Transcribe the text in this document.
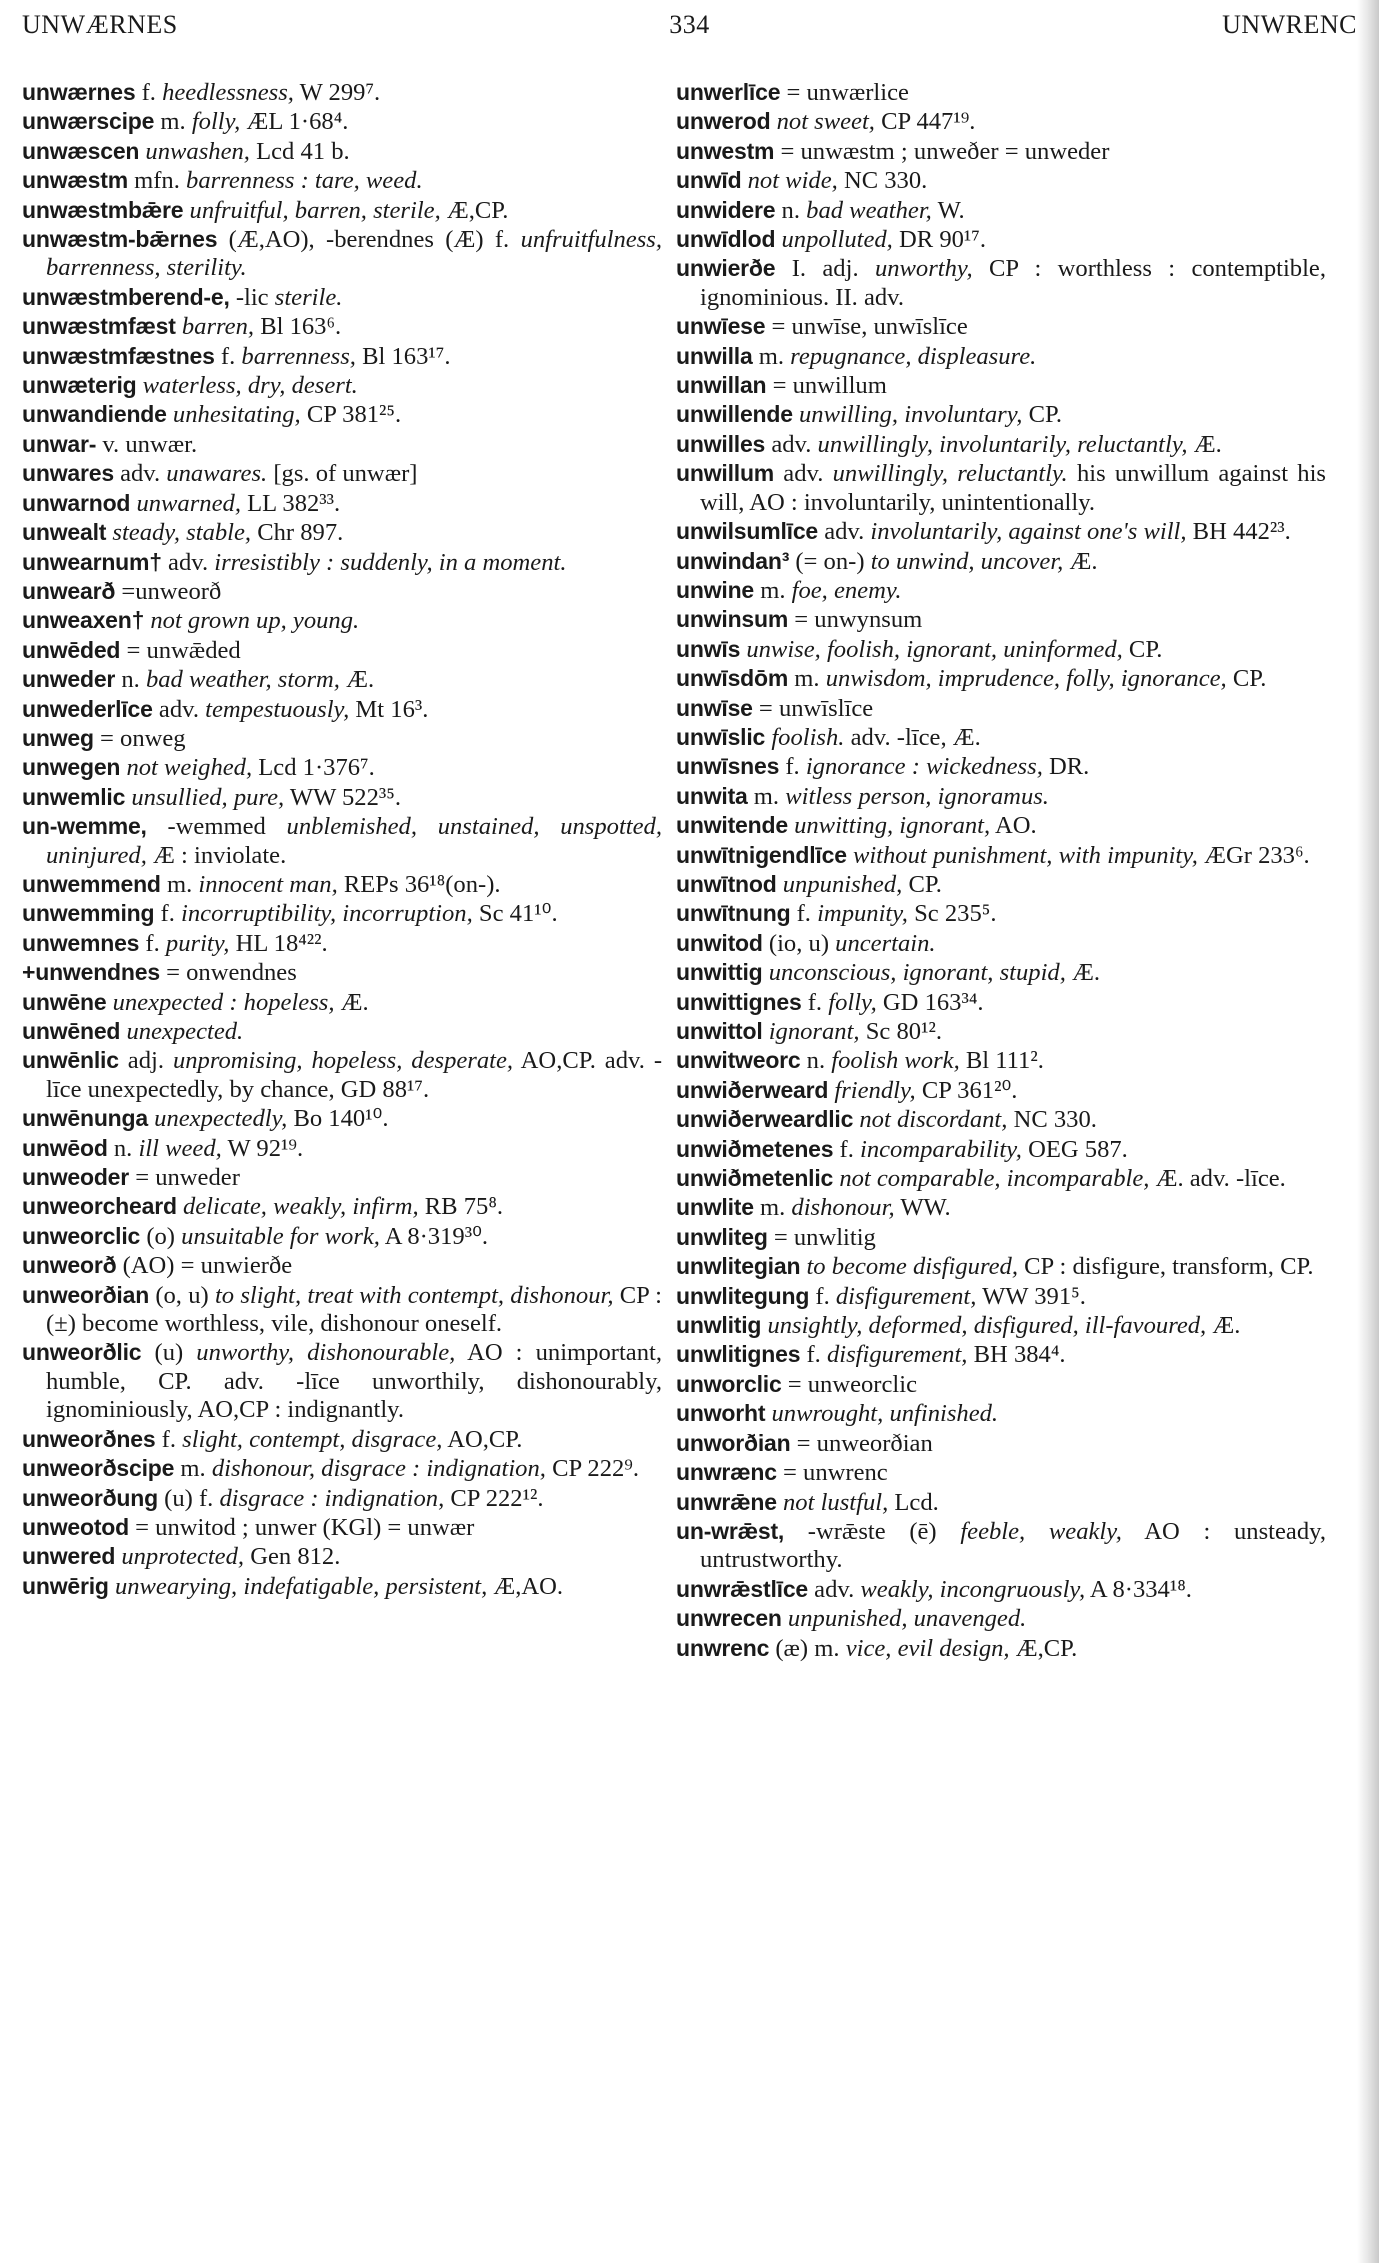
UNWÆRNES	334	UNWRENC

unwærnes f. heedlessness, W 299⁷.

unwærscipe m. folly, ÆL 1·68⁴.

unwæscen unwashen, Lcd 41 b.

unwæstm mfn. barrenness : tare, weed.

unwæstmbǣre unfruitful, barren, sterile, Æ,CP.

unwæstm-bǣrnes (Æ,AO), -berendnes (Æ) f. unfruitfulness, barrenness, sterility.

unwæstmberend-e, -lic sterile.

unwæstmfæst barren, Bl 163⁶.

unwæstmfæstnes f. barrenness, Bl 163¹⁷.

unwæterig waterless, dry, desert.

unwandiende unhesitating, CP 381²⁵.

unwar- v. unwær.

unwares adv. unawares. [gs. of unwær]

unwarnod unwarned, LL 382³³.

unwealt steady, stable, Chr 897.

unwearnum† adv. irresistibly : suddenly, in a moment.

unwearð =unweorð

unweaxen† not grown up, young.

unwēded = unwǣded

unweder n. bad weather, storm, Æ.

unwederlīce adv. tempestuously, Mt 16³.

unweg = onweg

unwegen not weighed, Lcd 1·376⁷.

unwemlic unsullied, pure, WW 522³⁵.

un-wemme, -wemmed unblemished, unstained, unspotted, uninjured, Æ : inviolate.

unwemmend m. innocent man, REPs 36¹⁸(on-).

unwemming f. incorruptibility, incorruption, Sc 41¹⁰.

unwemnes f. purity, HL 18⁴²².

+unwendnes = onwendnes

unwēne unexpected : hopeless, Æ.

unwēned unexpected.

unwēnlic adj. unpromising, hopeless, desperate, AO,CP. adv. -līce unexpectedly, by chance, GD 88¹⁷.

unwēnunga unexpectedly, Bo 140¹⁰.

unwēod n. ill weed, W 92¹⁹.

unweoder = unweder

unweorcheard delicate, weakly, infirm, RB 75⁸.

unweorclic (o) unsuitable for work, A 8·319³⁰.

unweorð (AO) = unwierðe

unweorðian (o, u) to slight, treat with contempt, dishonour, CP : (±) become worthless, vile, dishonour oneself.

unweorðlic (u) unworthy, dishonourable, AO : unimportant, humble, CP. adv. -līce unworthily, dishonourably, ignominiously, AO,CP : indignantly.

unweorðnes f. slight, contempt, disgrace, AO,CP.

unweorðscipe m. dishonour, disgrace : indignation, CP 222⁹.

unweorðung (u) f. disgrace : indignation, CP 222¹².

unweotod = unwitod ; unwer (KGl) = unwær

unwered unprotected, Gen 812.

unwērig unwearying, indefatigable, persistent, Æ,AO.

unwerlīce = unwærlice

unwerod not sweet, CP 447¹⁹.

unwestm = unwæstm ; unweðer = unweder

unwīd not wide, NC 330.

unwidere n. bad weather, W.

unwīdlod unpolluted, DR 90¹⁷.

unwierðe I. adj. unworthy, CP : worthless : contemptible, ignominious. II. adv.

unwīese = unwīse, unwīslīce

unwilla m. repugnance, displeasure.

unwillan = unwillum

unwillende unwilling, involuntary, CP.

unwilles adv. unwillingly, involuntarily, reluctantly, Æ.

unwillum adv. unwillingly, reluctantly. his unwillum against his will, AO : involuntarily, unintentionally.

unwilsumlīce adv. involuntarily, against one's will, BH 442²³.

unwindan³ (= on-) to unwind, uncover, Æ.

unwine m. foe, enemy.

unwinsum = unwynsum

unwīs unwise, foolish, ignorant, uninformed, CP.

unwīsdōm m. unwisdom, imprudence, folly, ignorance, CP.

unwīse = unwīslīce

unwīslic foolish. adv. -līce, Æ.

unwīsnes f. ignorance : wickedness, DR.

unwita m. witless person, ignoramus.

unwitende unwitting, ignorant, AO.

unwītnigendlīce without punishment, with impunity, ÆGr 233⁶.

unwītnod unpunished, CP.

unwītnung f. impunity, Sc 235⁵.

unwitod (io, u) uncertain.

unwittig unconscious, ignorant, stupid, Æ.

unwittignes f. folly, GD 163³⁴.

unwittol ignorant, Sc 80¹².

unwitweorc n. foolish work, Bl 111².

unwiðerweard friendly, CP 361²⁰.

unwiðerweardlic not discordant, NC 330.

unwiðmetenes f. incomparability, OEG 587.

unwiðmetenlic not comparable, incomparable, Æ. adv. -līce.

unwlite m. dishonour, WW.

unwliteg = unwlitig

unwlitegian to become disfigured, CP : disfigure, transform, CP.

unwlitegung f. disfigurement, WW 391⁵.

unwlitig unsightly, deformed, disfigured, ill-favoured, Æ.

unwlitignes f. disfigurement, BH 384⁴.

unworclic = unweorclic

unworht unwrought, unfinished.

unworðian = unweorðian

unwrænc = unwrenc

unwrǣne not lustful, Lcd.

un-wrǣst, -wrǣste (ē) feeble, weakly, AO : unsteady, untrustworthy.

unwrǣstlīce adv. weakly, incongruously, A 8·334¹⁸.

unwrecen unpunished, unavenged.

unwrenc (æ) m. vice, evil design, Æ,CP.
